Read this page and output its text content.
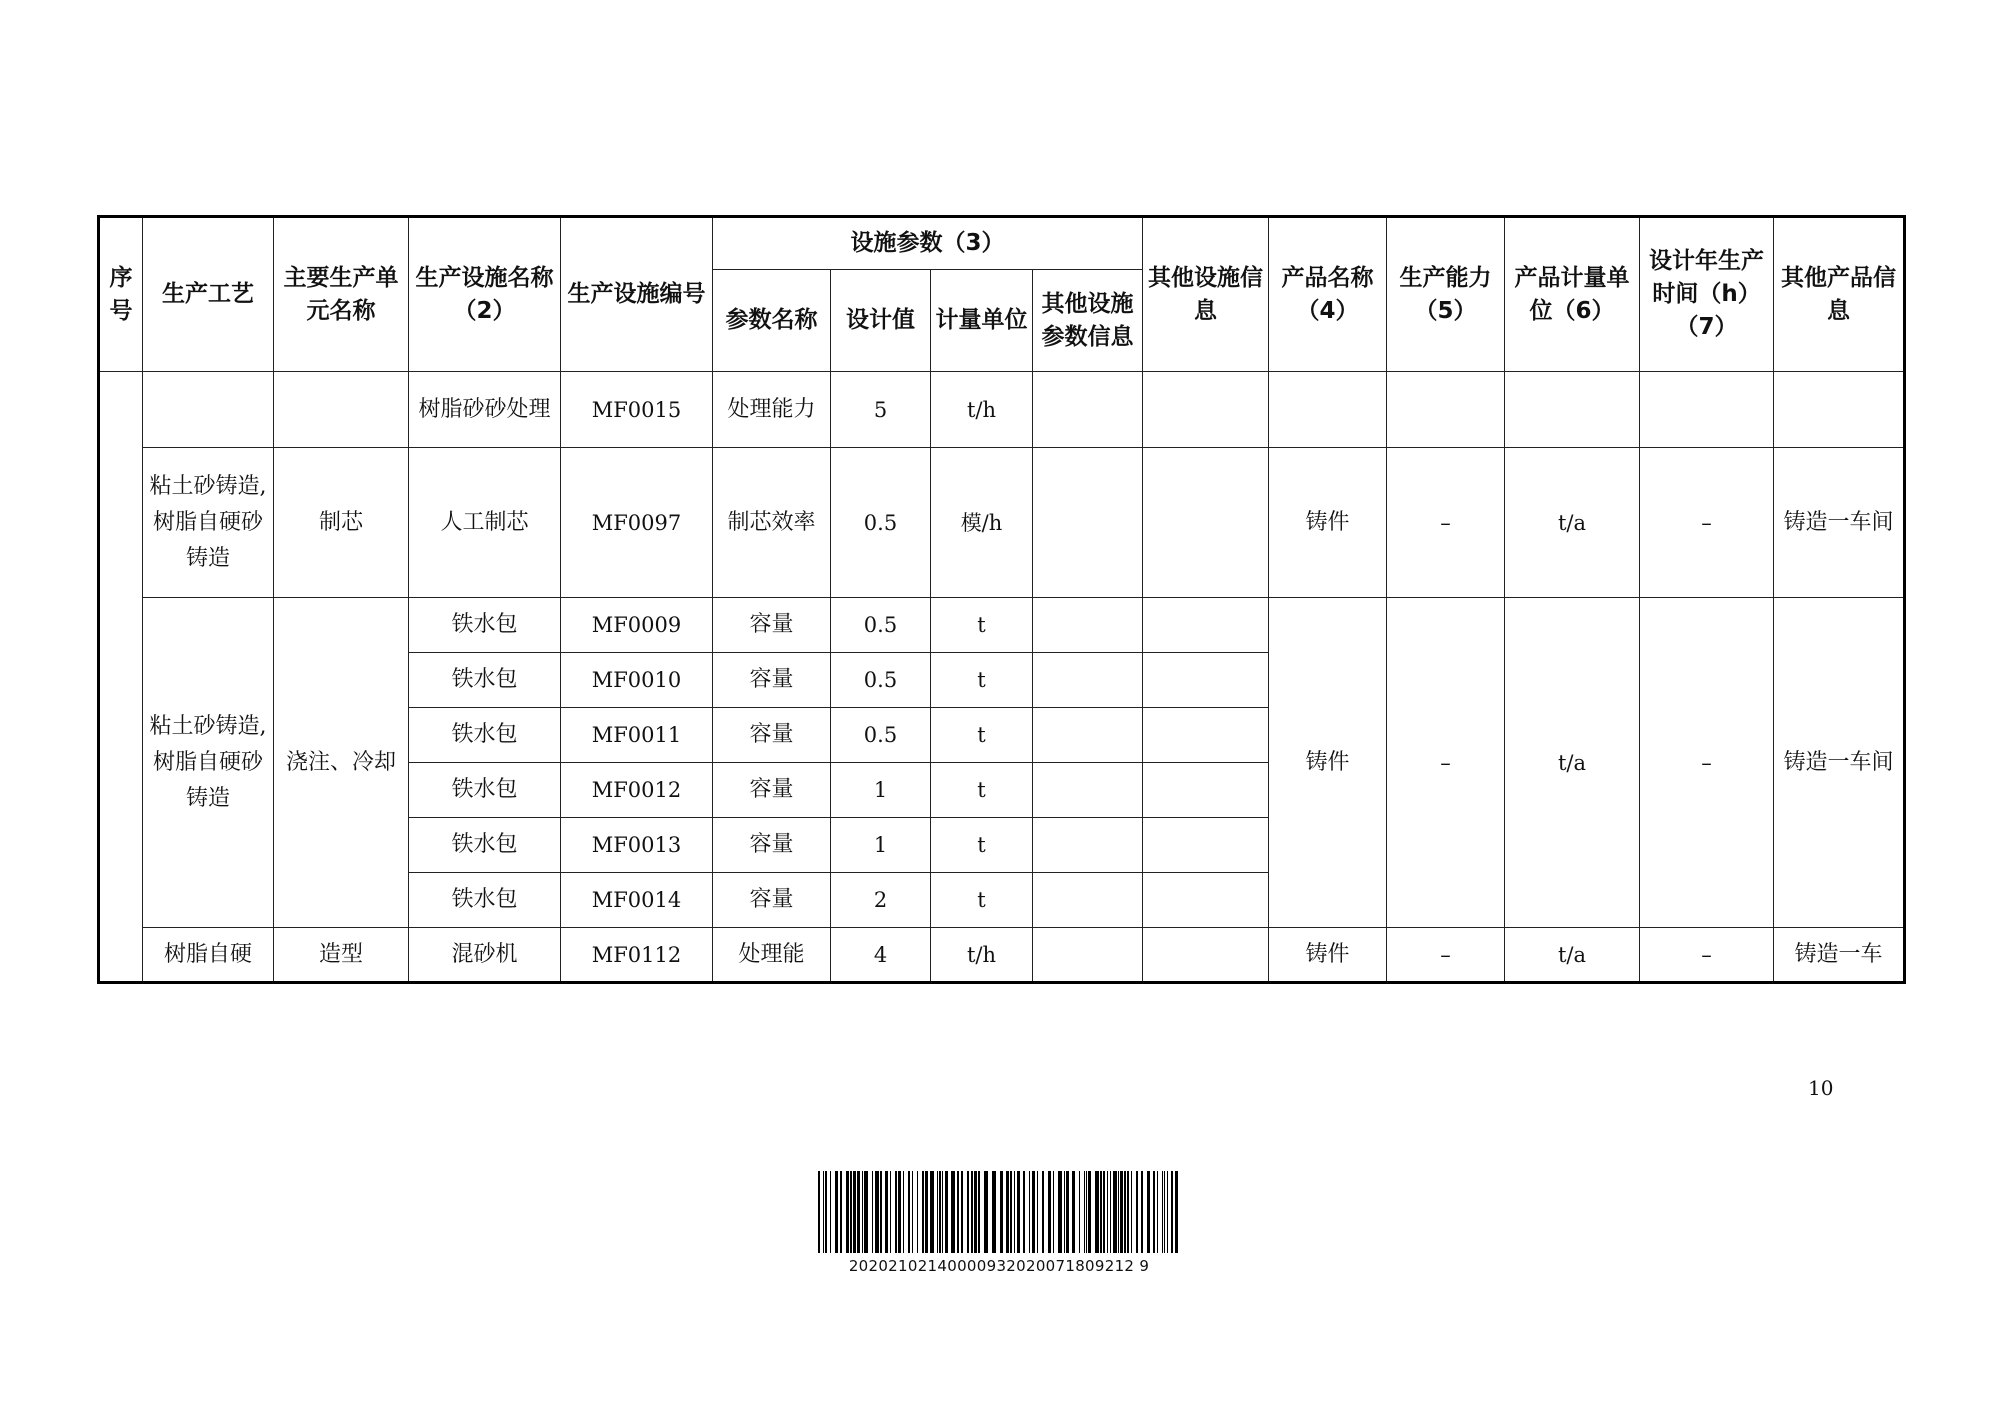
序号	生产工艺	主要生产单元名称	生产设施名称（2）	生产设施编号	设施参数（3）				其他设施信息	产品名称（4）	生产能力（5）	产品计量单位（6）	设计年生产时间（h）（7）	其他产品信息
					参数名称	设计值	计量单位	其他设施参数信息						
			树脂砂砂处理	MF0015	处理能力	5	t/h							
	粘土砂铸造,树脂自硬砂铸造	制芯	人工制芯	MF0097	制芯效率	0.5	模/h			铸件	–	t/a	–	铸造一车间
	粘土砂铸造,树脂自硬砂铸造	浇注、冷却	铁水包	MF0009	容量	0.5	t			铸件	–	t/a	–	铸造一车间
			铁水包	MF0010	容量	0.5	t							
			铁水包	MF0011	容量	0.5	t							
			铁水包	MF0012	容量	1	t							
			铁水包	MF0013	容量	1	t							
			铁水包	MF0014	容量	2	t							
	树脂自硬	造型	混砂机	MF0112	处理能	4	t/h			铸件	–	t/a	–	铸造一车
10
20202102140000932020071809212 9
